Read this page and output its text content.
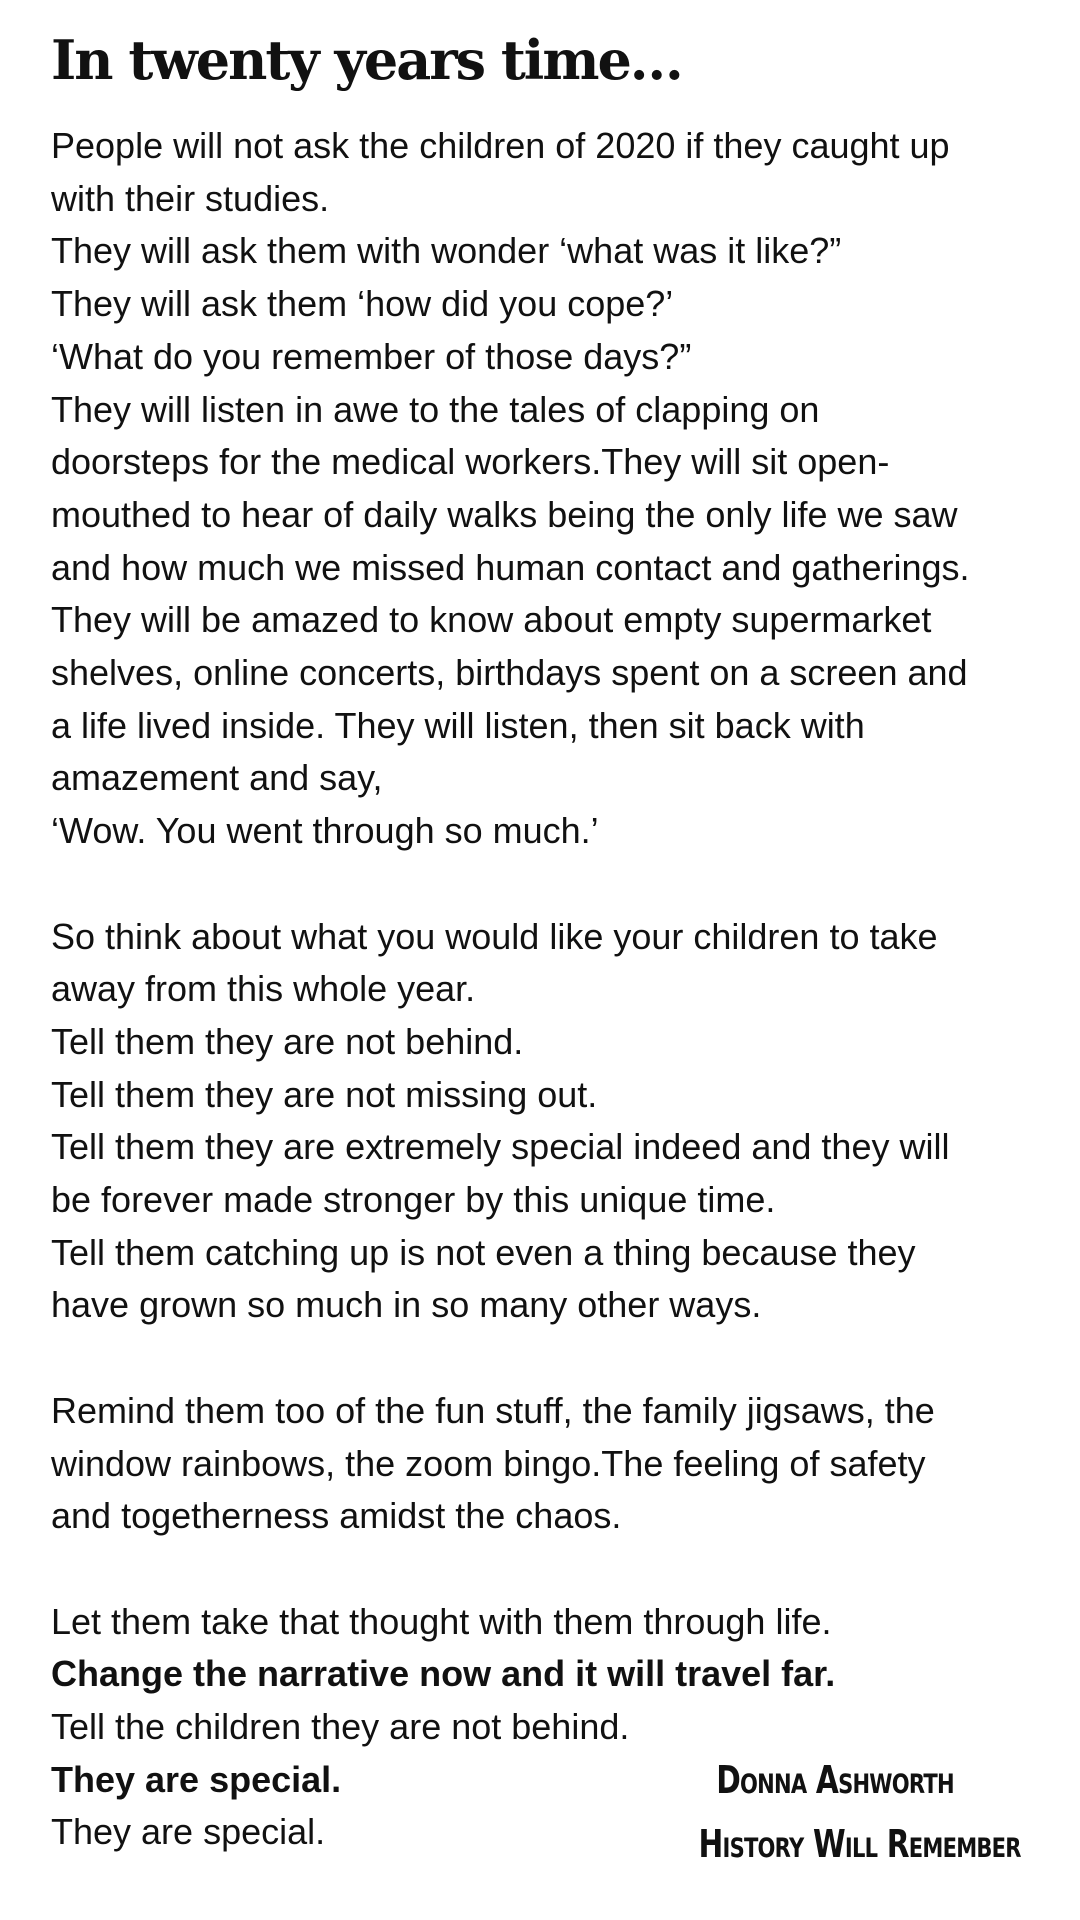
In twenty years time…
People will not ask the children of 2020 if they caught up
with their studies.
They will ask them with wonder ‘what was it like?”
They will ask them ‘how did you cope?’
‘What do you remember of those days?”
They will listen in awe to the tales of clapping on
doorsteps for the medical workers.They will sit open-
mouthed to hear of daily walks being the only life we saw
and how much we missed human contact and gatherings.
They will be amazed to know about empty supermarket
shelves, online concerts, birthdays spent on a screen and
a life lived inside. They will listen, then sit back with
amazement and say,
‘Wow. You went through so much.’
So think about what you would like your children to take
away from this whole year.
Tell them they are not behind.
Tell them they are not missing out.
Tell them they are extremely special indeed and they will
be forever made stronger by this unique time.
Tell them catching up is not even a thing because they
have grown so much in so many other ways.
Remind them too of the fun stuff, the family jigsaws, the
window rainbows, the zoom bingo.The feeling of safety
and togetherness amidst the chaos.
Let them take that thought with them through life.
Change the narrative now and it will travel far.
Tell the children they are not behind.
They are special.
They are special.
Donna Ashworth
History Will Remember
